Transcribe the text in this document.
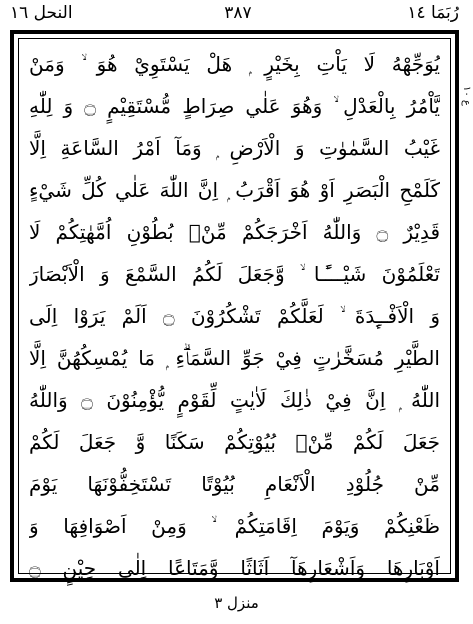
النحل ١٦	٣٨٧	رُبَمَا ١٤
يُوَجِّهْهُ لَا يَاْتِ بِخَيْرٍ ۭ هَلْ يَسْتَوِيْ هُوَ ۙ وَمَنْ
يَّاْمُرُ بِالْعَدْلِ ۙ وَهُوَ عَلٰي صِرَاطٍ مُّسْتَقِيْمٍ ۝ وَ لِلّٰهِ
غَيْبُ السَّمٰوٰتِ وَ الْاَرْضِ ۭ وَمَآ اَمْرُ السَّاعَةِ اِلَّا
كَلَمْحِ الْبَصَرِ اَوْ هُوَ اَقْرَبُ ۭ اِنَّ اللّٰهَ عَلٰي كُلِّ شَيْءٍ
قَدِيْرٌ ۝ وَاللّٰهُ اَخْرَجَكُمْ مِّنْۢ بُطُوْنِ اُمَّهٰتِكُمْ لَا
تَعْلَمُوْنَ شَيْـــًٔـا ۙ وَّجَعَلَ لَكُمُ السَّمْعَ وَ الْاَبْصَارَ
وَ الْاَفْــِٕدَةَ ۙ لَعَلَّكُمْ تَشْكُرُوْنَ ۝ اَلَمْ يَرَوْا اِلَى
الطَّيْرِ مُسَخَّرٰتٍ فِيْ جَوِّ السَّمَاۗءِ ۭ مَا يُمْسِكُهُنَّ اِلَّا
اللّٰهُ ۭ اِنَّ فِيْ ذٰلِكَ لَاٰيٰتٍ لِّقَوْمٍ يُّؤْمِنُوْنَ ۝ وَاللّٰهُ
جَعَلَ لَكُمْ مِّنْۢ بُيُوْتِكُمْ سَكَنًا وَّ جَعَلَ لَكُمْ
مِّنْ جُلُوْدِ الْاَنْعَامِ بُيُوْتًا تَسْتَخِفُّوْنَهَا يَوْمَ
ظَعْنِكُمْ وَيَوْمَ اِقَامَتِكُمْ ۙ وَمِنْ اَصْوَافِهَا وَ
اَوْبَارِهَا وَاَشْعَارِهَآ اَثَاثًا وَّمَتَاعًا اِلٰى حِيْنٍ ۝
ع ١٠
منزل ٣
